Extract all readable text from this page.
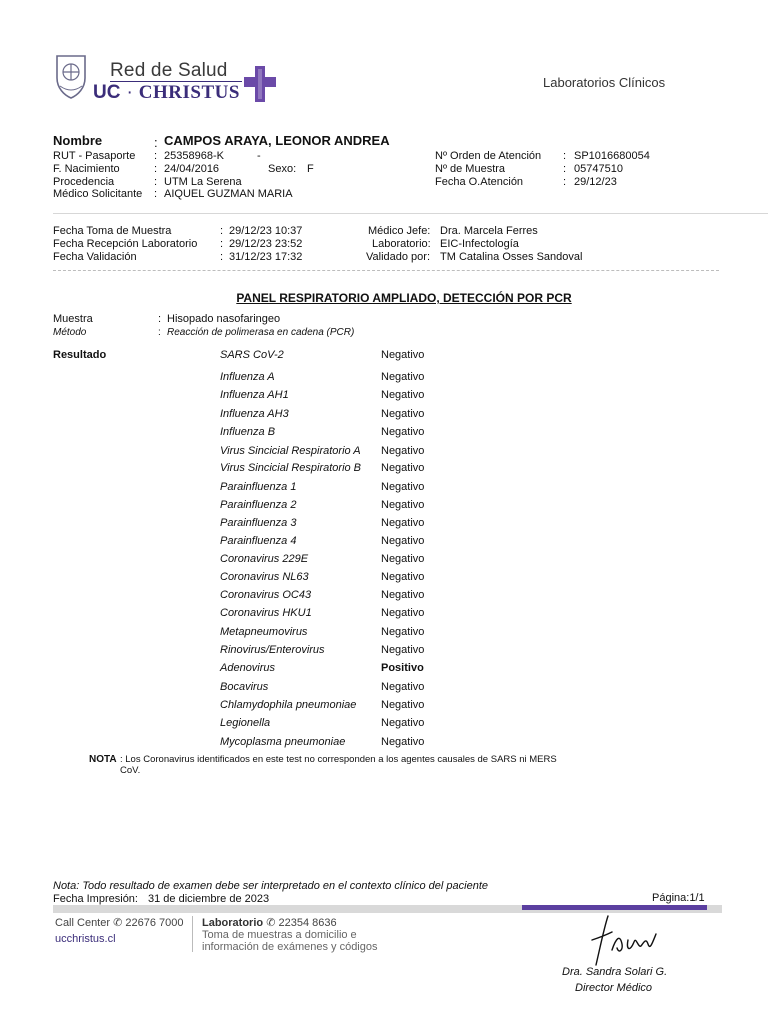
Red de Salud
UC · CHRISTUS	Laboratorios Clínicos
Nombre	: CAMPOS ARAYA, LEONOR ANDREA
RUT - Pasaporte : 25358968-K	-
F. Nacimiento	: 24/04/2016	Sexo: F
Procedencia	: UTM La Serena
Médico Solicitante : AIQUEL GUZMAN MARIA
Nº Orden de Atención : SP1016680054
Nº de Muestra	: 05747510
Fecha O.Atención	: 29/12/23
Fecha Toma de Muestra	: 29/12/23 10:37
Fecha Recepción Laboratorio : 29/12/23 23:52
Fecha Validación	: 31/12/23 17:32
Médico Jefe: Dra. Marcela Ferres
Laboratorio: EIC-Infectología
Validado por: TM Catalina Osses Sandoval
PANEL RESPIRATORIO AMPLIADO, DETECCIÓN POR PCR
Muestra	: Hisopado nasofaringeo
Método	: Reacción de polimerasa en cadena (PCR)
Resultado	SARS CoV-2	Negativo
Influenza A	Negativo
Influenza AH1	Negativo
Influenza AH3	Negativo
Influenza B	Negativo
Virus Sincicial Respiratorio A Negativo
Virus Sincicial Respiratorio B Negativo
Parainfluenza 1	Negativo
Parainfluenza 2	Negativo
Parainfluenza 3	Negativo
Parainfluenza 4	Negativo
Coronavirus 229E	Negativo
Coronavirus NL63	Negativo
Coronavirus OC43	Negativo
Coronavirus HKU1	Negativo
Metapneumovirus	Negativo
Rinovirus/Enterovirus	Negativo
Adenovirus	Positivo
Bocavirus	Negativo
Chlamydophila pneumoniae Negativo
Legionella	Negativo
Mycoplasma pneumoniae	Negativo
NOTA : Los Coronavirus identificados en este test no corresponden a los agentes causales de SARS ni MERS CoV.
Nota: Todo resultado de examen debe ser interpretado en el contexto clínico del paciente
Fecha Impresión: 31 de diciembre de 2023	Página:1/1
Call Center ✆ 22676 7000
ucchristus.cl
Laboratorio ✆ 22354 8636
Toma de muestras a domicilio e información de exámenes y códigos
Dra. Sandra Solari G.
Director Médico
